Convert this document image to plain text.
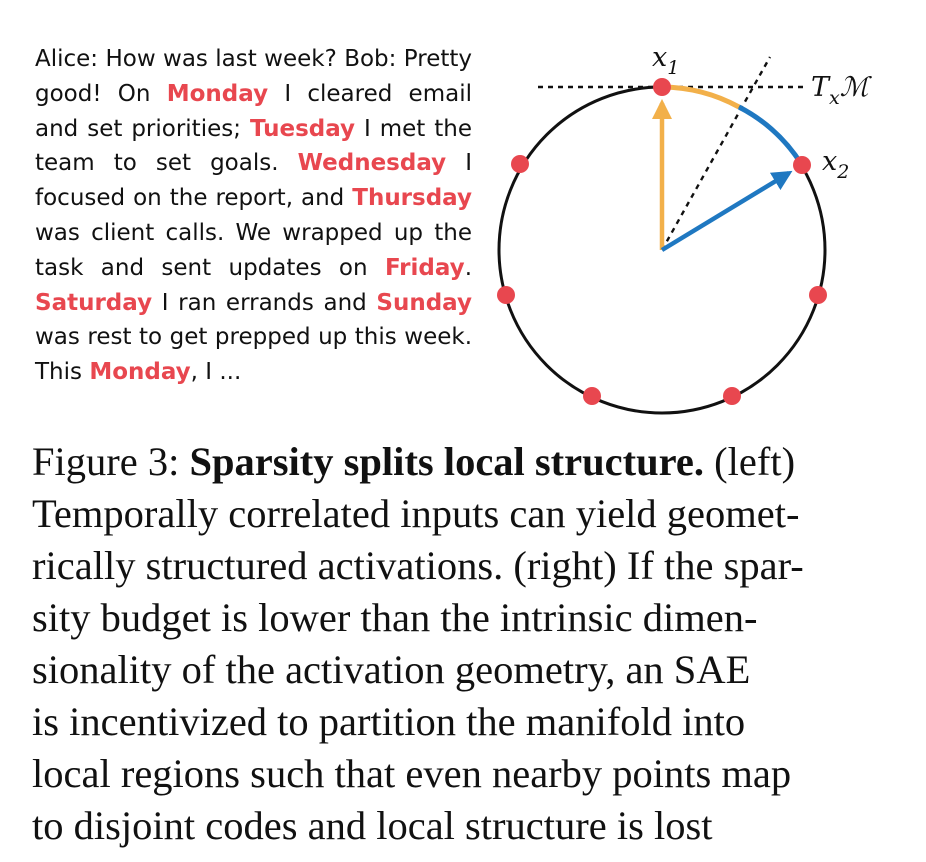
Alice: How was last week? Bob: Pretty good! On Monday I cleared email and set priorities; Tuesday I met the team to set goals. Wednesday I focused on the report, and Thursday was client calls. We wrapped up the task and sent updates on Friday. Saturday I ran errands and Sunday was rest to get prepped up this week. This Monday, I ...
$x_1$
$x_2$
$T_xℳ$
Figure 3: Sparsity splits local structure. (left)
Temporally correlated inputs can yield geomet-
rically structured activations. (right) If the spar-
sity budget is lower than the intrinsic dimen-
sionality of the activation geometry, an SAE
is incentivized to partition the manifold into
local regions such that even nearby points map
to disjoint codes and local structure is lost
